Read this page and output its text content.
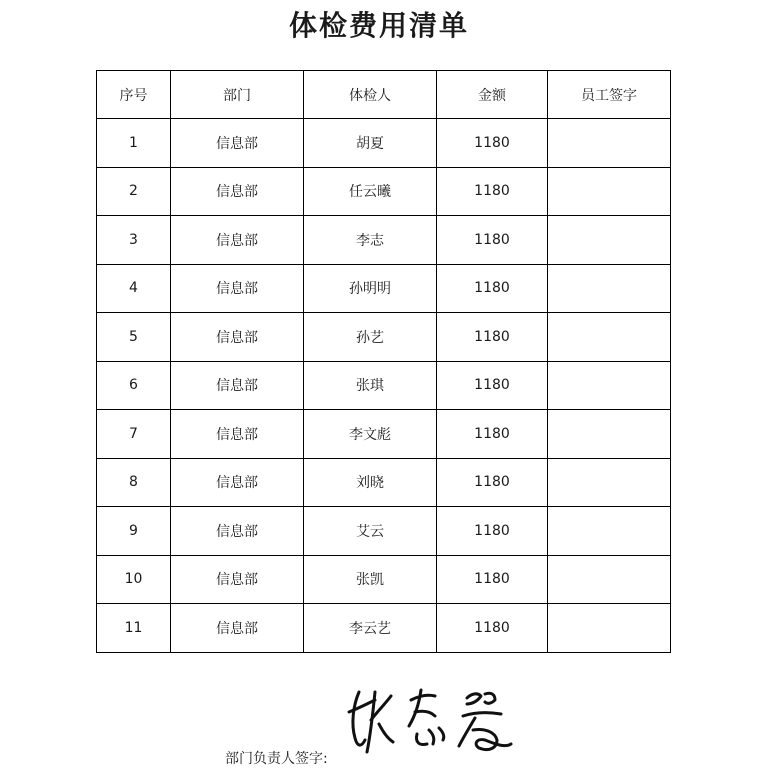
体检费用清单
序号	部门	体检人	金额	员工签字
1	信息部	胡夏	1180	
2	信息部	任云曦	1180	
3	信息部	李志	1180	
4	信息部	孙明明	1180	
5	信息部	孙艺	1180	
6	信息部	张琪	1180	
7	信息部	李文彪	1180	
8	信息部	刘晓	1180	
9	信息部	艾云	1180	
10	信息部	张凯	1180	
11	信息部	李云艺	1180	
部门负责人签字:
